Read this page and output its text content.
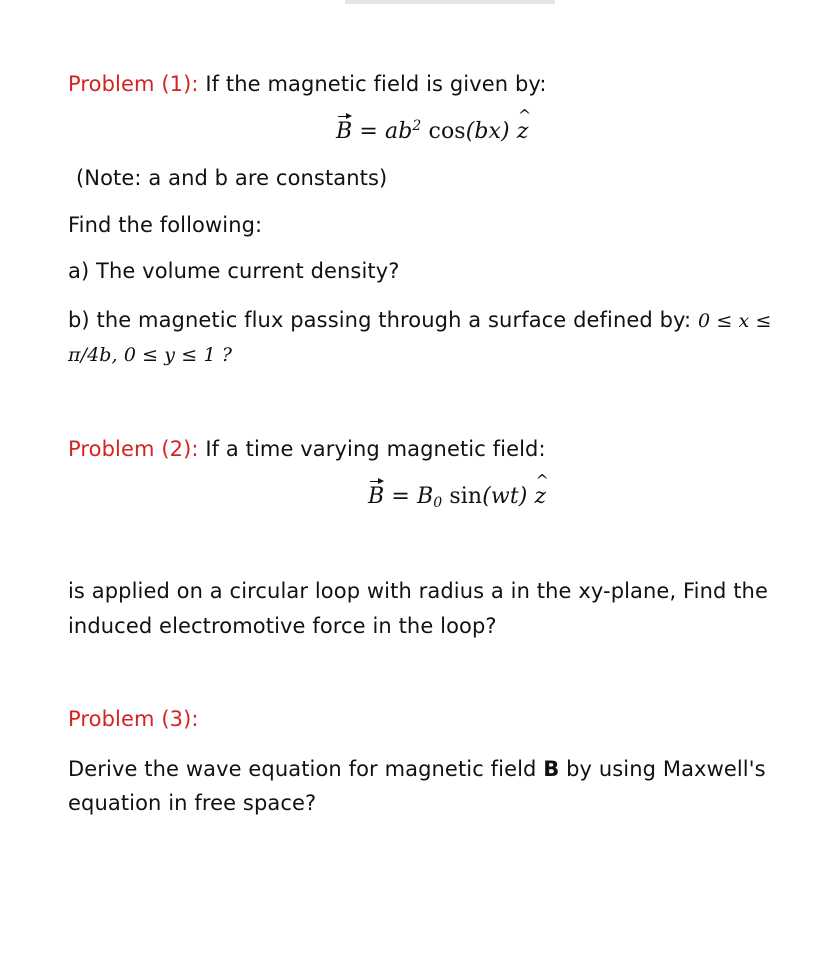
Problem (1): If the magnetic field is given by:
$B = ab^2$ cos(bx) ^ z
(Note: a and b are constants)
Find the following:
a) The volume current density?
b) the magnetic flux passing through a surface defined by: 0 ≤ x ≤
π/4b, 0 ≤ y ≤ 1 ?
Problem (2): If a time varying magnetic field:
$B = B_0$ sin(wt) ^ z
is applied on a circular loop with radius a in the xy-plane, Find the
induced electromotive force in the loop?
Problem (3):
Derive the wave equation for magnetic field B by using Maxwell's
equation in free space?
